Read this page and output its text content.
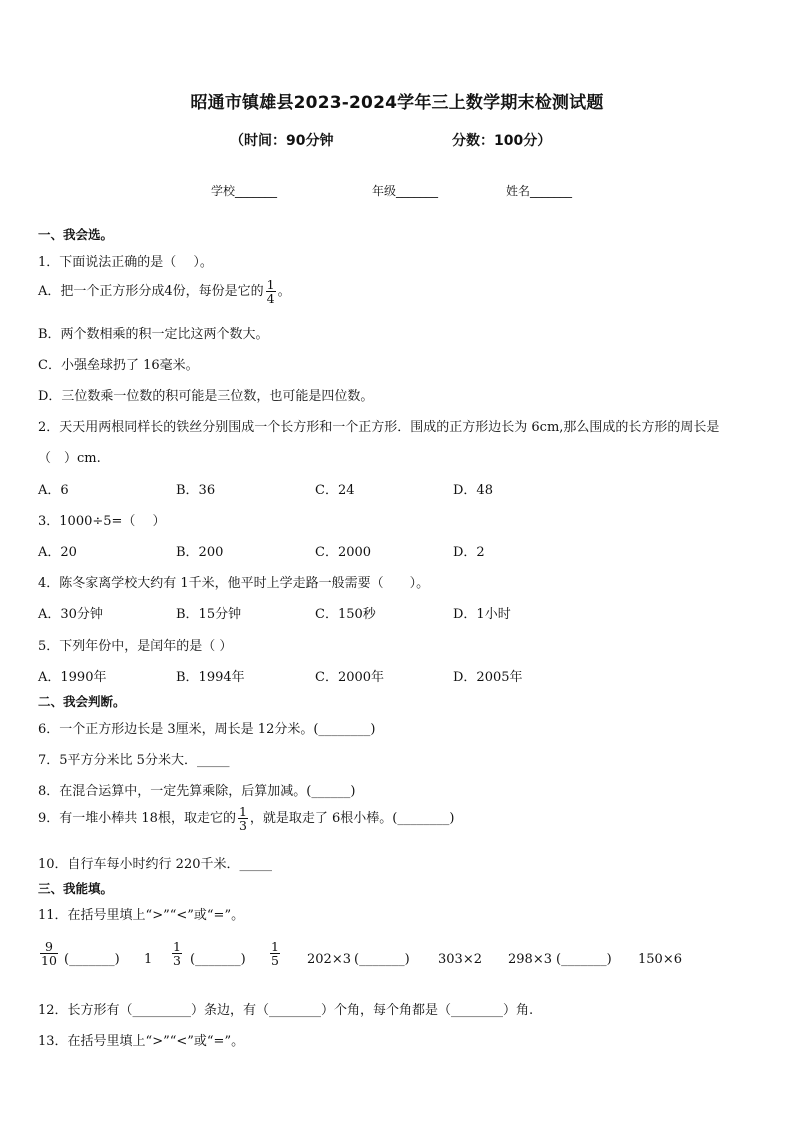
昭通市镇雄县2023-2024学年三上数学期末检测试题
（时间：90分钟	分数：100分）
学校_______	年级_______	姓名_______
一、我会选。
1．下面说法正确的是（　 ）。
A．把一个正方形分成4份，每份是它的 $\frac{1}{4}$ 。
B．两个数相乘的积一定比这两个数大。
C．小强垒球扔了 16毫米。
D．三位数乘一位数的积可能是三位数，也可能是四位数。
2．天天用两根同样长的铁丝分别围成一个长方形和一个正方形．围成的正方形边长为 6cm,那么围成的长方形的周长是
（　）cm.
A．6	B．36	C．24	D．48
3．1000÷5=（　 ）
A．20	B．200	C．2000	D．2
4．陈冬家离学校大约有 1千米，他平时上学走路一般需要（　　）。
A．30分钟	B．15分钟	C．150秒	D．1小时
5．下列年份中，是闰年的是（ ）
A．1990年	B．1994年	C．2000年	D．2005年
二、我会判断。
6．一个正方形边长是 3厘米，周长是 12分米。(________)
7．5平方分米比 5分米大．_____
8．在混合运算中，一定先算乘除，后算加减。(______)
9．有一堆小棒共 18根，取走它的 $\frac{1}{3}$ ，就是取走了 6根小棒。(________)
10．自行车每小时约行 220千米．_____
三、我能填。
11．在括号里填上“>”“<”或“=”。
$\frac{9}{10}$ (_______) $1 \frac{1}{3}$ (_______) $\frac{1}{5} 202\times 3$ (_______) 303×2 298×3 (_______) 150×6
12．长方形有（_________）条边，有（________）个角，每个角都是（________）角.
13．在括号里填上“>”“<”或“=”。
